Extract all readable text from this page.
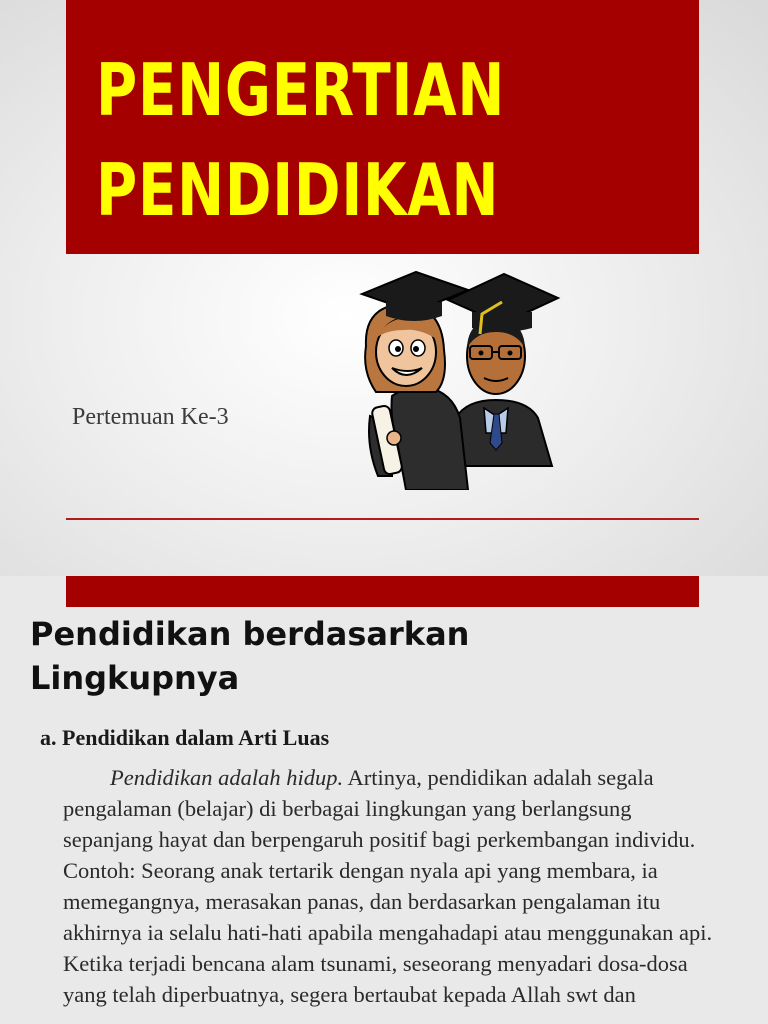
PENGERTIAN
PENDIDIKAN

Pertemuan Ke-3

Pendidikan berdasarkan
Lingkupnya

a. Pendidikan dalam Arti Luas

Pendidikan adalah hidup. Artinya, pendidikan adalah segala pengalaman (belajar) di berbagai lingkungan yang berlangsung sepanjang hayat dan berpengaruh positif bagi perkembangan individu. Contoh: Seorang anak tertarik dengan nyala api yang membara, ia memegangnya, merasakan panas, dan berdasarkan pengalaman itu akhirnya ia selalu hati-hati apabila mengahadapi atau menggunakan api. Ketika terjadi bencana alam tsunami, seseorang menyadari dosa-dosa yang telah diperbuatnya, segera bertaubat kepada Allah swt dan
